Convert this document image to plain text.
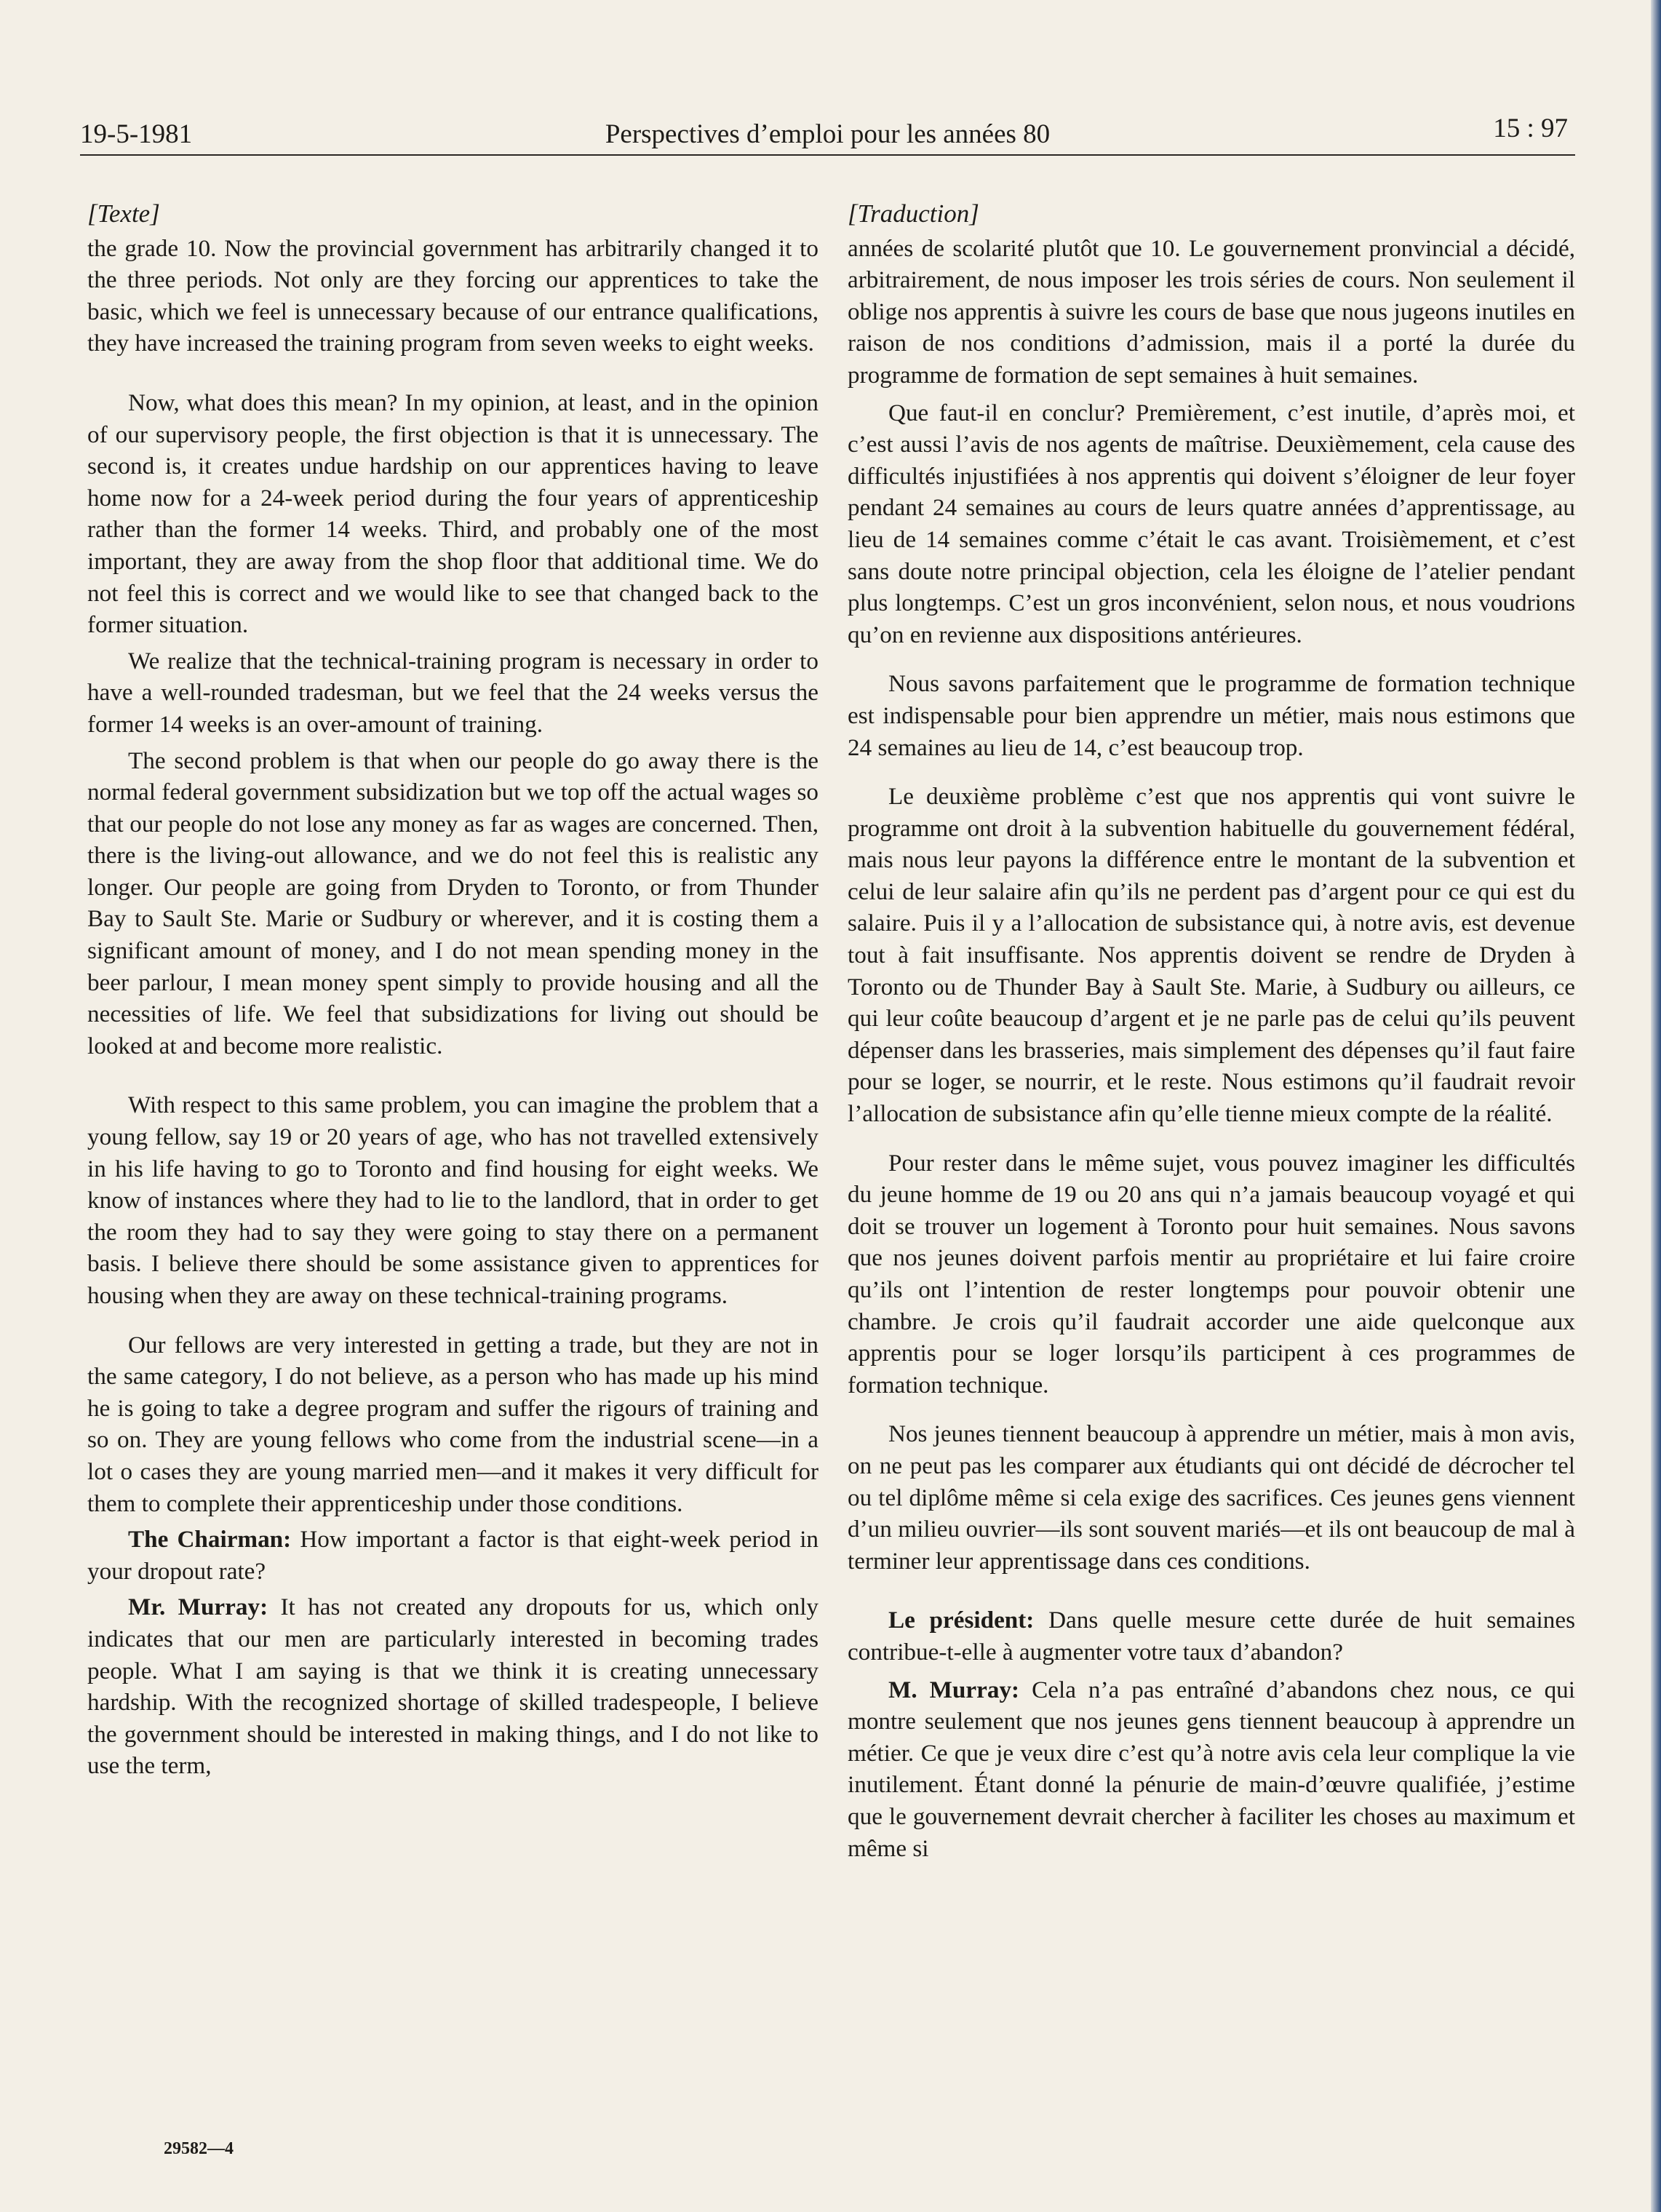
19-5-1981	Perspectives d’emploi pour les années 80	15 : 97
[Texte]

the grade 10. Now the provincial government has arbitrarily changed it to the three periods. Not only are they forcing our apprentices to take the basic, which we feel is unnecessary because of our entrance qualifications, they have increased the training program from seven weeks to eight weeks.

Now, what does this mean? In my opinion, at least, and in the opinion of our supervisory people, the first objection is that it is unnecessary. The second is, it creates undue hardship on our apprentices having to leave home now for a 24-week period during the four years of apprenticeship rather than the former 14 weeks. Third, and probably one of the most important, they are away from the shop floor that additional time. We do not feel this is correct and we would like to see that changed back to the former situation.

We realize that the technical-training program is necessary in order to have a well-rounded tradesman, but we feel that the 24 weeks versus the former 14 weeks is an over-amount of training.

The second problem is that when our people do go away there is the normal federal government subsidization but we top off the actual wages so that our people do not lose any money as far as wages are concerned. Then, there is the living-out allowance, and we do not feel this is realistic any longer. Our people are going from Dryden to Toronto, or from Thunder Bay to Sault Ste. Marie or Sudbury or wherever, and it is costing them a significant amount of money, and I do not mean spending money in the beer parlour, I mean money spent simply to provide housing and all the necessities of life. We feel that subsidizations for living out should be looked at and become more realistic.

With respect to this same problem, you can imagine the problem that a young fellow, say 19 or 20 years of age, who has not travelled extensively in his life having to go to Toronto and find housing for eight weeks. We know of instances where they had to lie to the landlord, that in order to get the room they had to say they were going to stay there on a permanent basis. I believe there should be some assistance given to apprentices for housing when they are away on these technical-training programs.

Our fellows are very interested in getting a trade, but they are not in the same category, I do not believe, as a person who has made up his mind he is going to take a degree program and suffer the rigours of training and so on. They are young fellows who come from the industrial scene—in a lot o cases they are young married men—and it makes it very difficult for them to complete their apprenticeship under those conditions.

The Chairman: How important a factor is that eight-week period in your dropout rate?

Mr. Murray: It has not created any dropouts for us, which only indicates that our men are particularly interested in becoming trades people. What I am saying is that we think it is creating unnecessary hardship. With the recognized shortage of skilled tradespeople, I believe the government should be interested in making things, and I do not like to use the term,

[Traduction]

années de scolarité plutôt que 10. Le gouvernement pronvincial a décidé, arbitrairement, de nous imposer les trois séries de cours. Non seulement il oblige nos apprentis à suivre les cours de base que nous jugeons inutiles en raison de nos conditions d’admission, mais il a porté la durée du programme de formation de sept semaines à huit semaines.

Que faut-il en conclur? Premièrement, c’est inutile, d’après moi, et c’est aussi l’avis de nos agents de maîtrise. Deuxièmement, cela cause des difficultés injustifiées à nos apprentis qui doivent s’éloigner de leur foyer pendant 24 semaines au cours de leurs quatre années d’apprentissage, au lieu de 14 semaines comme c’était le cas avant. Troisièmement, et c’est sans doute notre principal objection, cela les éloigne de l’atelier pendant plus longtemps. C’est un gros inconvénient, selon nous, et nous voudrions qu’on en revienne aux dispositions antérieures.

Nous savons parfaitement que le programme de formation technique est indispensable pour bien apprendre un métier, mais nous estimons que 24 semaines au lieu de 14, c’est beaucoup trop.

Le deuxième problème c’est que nos apprentis qui vont suivre le programme ont droit à la subvention habituelle du gouvernement fédéral, mais nous leur payons la différence entre le montant de la subvention et celui de leur salaire afin qu’ils ne perdent pas d’argent pour ce qui est du salaire. Puis il y a l’allocation de subsistance qui, à notre avis, est devenue tout à fait insuffisante. Nos apprentis doivent se rendre de Dryden à Toronto ou de Thunder Bay à Sault Ste. Marie, à Sudbury ou ailleurs, ce qui leur coûte beaucoup d’argent et je ne parle pas de celui qu’ils peuvent dépenser dans les brasseries, mais simplement des dépenses qu’il faut faire pour se loger, se nourrir, et le reste. Nous estimons qu’il faudrait revoir l’allocation de subsistance afin qu’elle tienne mieux compte de la réalité.

Pour rester dans le même sujet, vous pouvez imaginer les difficultés du jeune homme de 19 ou 20 ans qui n’a jamais beaucoup voyagé et qui doit se trouver un logement à Toronto pour huit semaines. Nous savons que nos jeunes doivent parfois mentir au propriétaire et lui faire croire qu’ils ont l’intention de rester longtemps pour pouvoir obtenir une chambre. Je crois qu’il faudrait accorder une aide quelconque aux apprentis pour se loger lorsqu’ils participent à ces programmes de formation technique.

Nos jeunes tiennent beaucoup à apprendre un métier, mais à mon avis, on ne peut pas les comparer aux étudiants qui ont décidé de décrocher tel ou tel diplôme même si cela exige des sacrifices. Ces jeunes gens viennent d’un milieu ouvrier—ils sont souvent mariés—et ils ont beaucoup de mal à terminer leur apprentissage dans ces conditions.

Le président: Dans quelle mesure cette durée de huit semaines contribue-t-elle à augmenter votre taux d’abandon?

M. Murray: Cela n’a pas entraîné d’abandons chez nous, ce qui montre seulement que nos jeunes gens tiennent beaucoup à apprendre un métier. Ce que je veux dire c’est qu’à notre avis cela leur complique la vie inutilement. Étant donné la pénurie de main-d’œuvre qualifiée, j’estime que le gouvernement devrait chercher à faciliter les choses au maximum et même si

29582—4
